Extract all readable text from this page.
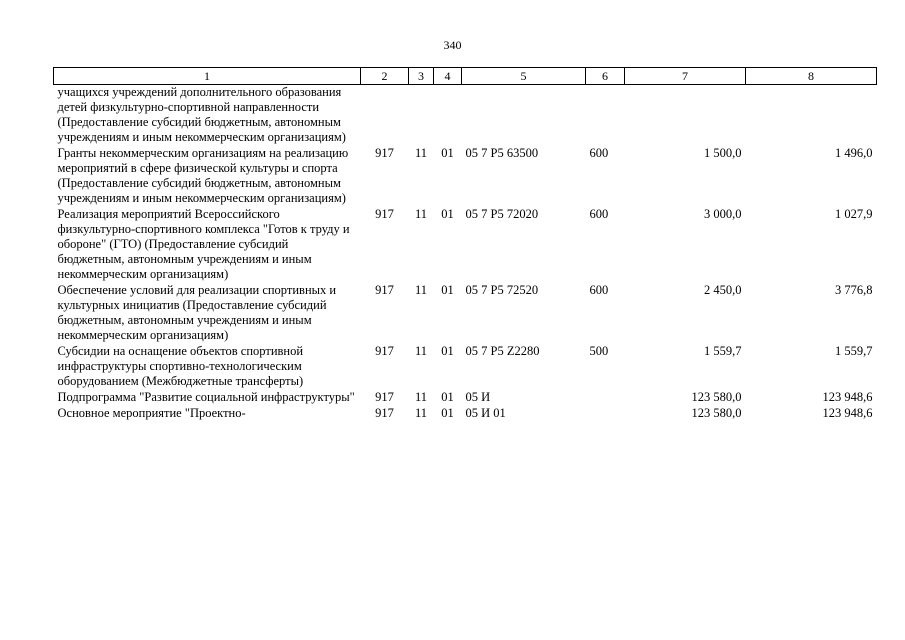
340
1	2	3	4	5	6	7	8
учащихся учреждений дополнительного образования детей физкультурно-спортивной направленности (Предоставление субсидий бюджетным, автономным учреждениям и иным некоммерческим организациям)							
Гранты некоммерческим организациям на реализацию мероприятий в сфере физической культуры и спорта (Предоставление субсидий бюджетным, автономным учреждениям и иным некоммерческим организациям)	917	11	01	05 7 P5 63500	600	1 500,0	1 496,0
Реализация мероприятий Всероссийского физкультурно-спортивного комплекса "Готов к труду и обороне" (ГТО) (Предоставление субсидий бюджетным, автономным учреждениям и иным некоммерческим организациям)	917	11	01	05 7 P5 72020	600	3 000,0	1 027,9
Обеспечение условий для реализации спортивных и культурных инициатив (Предоставление субсидий бюджетным, автономным учреждениям и иным некоммерческим организациям)	917	11	01	05 7 P5 72520	600	2 450,0	3 776,8
Субсидии на оснащение объектов спортивной инфраструктуры спортивно-технологическим оборудованием (Межбюджетные трансферты)	917	11	01	05 7 P5 Z2280	500	1 559,7	1 559,7
Подпрограмма "Развитие социальной инфраструктуры"	917	11	01	05 И		123 580,0	123 948,6
Основное мероприятие "Проектно-	917	11	01	05 И 01		123 580,0	123 948,6
